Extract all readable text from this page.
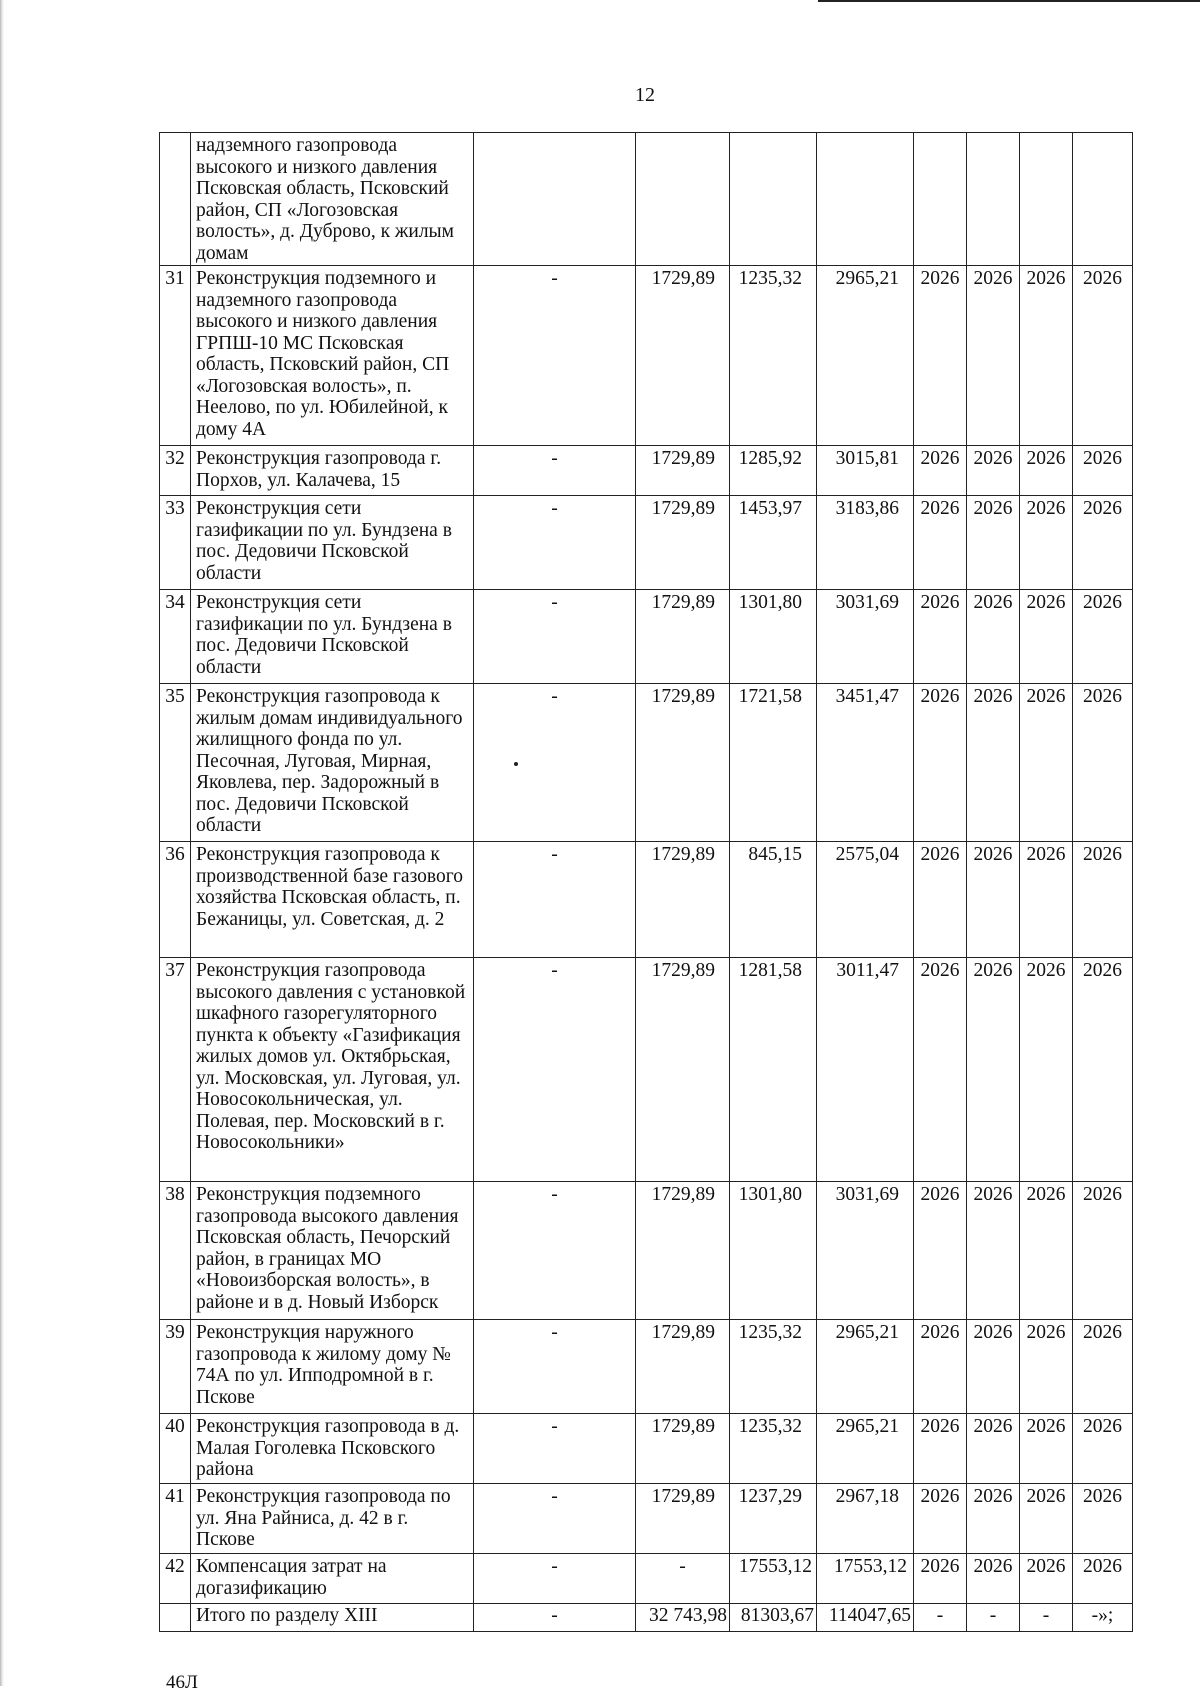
12
	надземного газопровода высокого и низкого давления Псковская область, Псковский район, СП «Логозовская волость», д. Дуброво, к жилым домам								
31	Реконструкция подземного и надземного газопровода высокого и низкого давления ГРПШ-10 МС Псковская область, Псковский район, СП «Логозовская волость», п. Неелово, по ул. Юбилейной, к дому 4А	-	1729,89	1235,32	2965,21	2026	2026	2026	2026
32	Реконструкция газопровода г. Порхов, ул. Калачева, 15	-	1729,89	1285,92	3015,81	2026	2026	2026	2026
33	Реконструкция сети газификации по ул. Бундзена в пос. Дедовичи Псковской области	-	1729,89	1453,97	3183,86	2026	2026	2026	2026
34	Реконструкция сети газификации по ул. Бундзена в пос. Дедовичи Псковской области	-	1729,89	1301,80	3031,69	2026	2026	2026	2026
35	Реконструкция газопровода к жилым домам индивидуального жилищного фонда по ул. Песочная, Луговая, Мирная, Яковлева, пер. Задорожный в пос. Дедовичи Псковской области	-	1729,89	1721,58	3451,47	2026	2026	2026	2026
36	Реконструкция газопровода к производственной базе газового хозяйства Псковская область, п. Бежаницы, ул. Советская, д. 2	-	1729,89	845,15	2575,04	2026	2026	2026	2026
37	Реконструкция газопровода высокого давления с установкой шкафного газорегуляторного пункта к объекту «Газификация жилых домов ул. Октябрьская, ул. Московская, ул. Луговая, ул. Новосокольническая, ул. Полевая, пер. Московский в г. Новосокольники»	-	1729,89	1281,58	3011,47	2026	2026	2026	2026
38	Реконструкция подземного газопровода высокого давления Псковская область, Печорский район, в границах МО «Новоизборская волость», в районе и в д. Новый Изборск	-	1729,89	1301,80	3031,69	2026	2026	2026	2026
39	Реконструкция наружного газопровода к жилому дому № 74А по ул. Ипподромной в г. Пскове	-	1729,89	1235,32	2965,21	2026	2026	2026	2026
40	Реконструкция газопровода в д. Малая Гоголевка Псковского района	-	1729,89	1235,32	2965,21	2026	2026	2026	2026
41	Реконструкция газопровода по ул. Яна Райниса, д. 42 в г. Пскове	-	1729,89	1237,29	2967,18	2026	2026	2026	2026
42	Компенсация затрат на догазификацию	-	-	17553,12	17553,12	2026	2026	2026	2026
	Итого по разделу XIII	-	32 743,98	81303,67	114047,65	-	-	-	-»;
46Л
